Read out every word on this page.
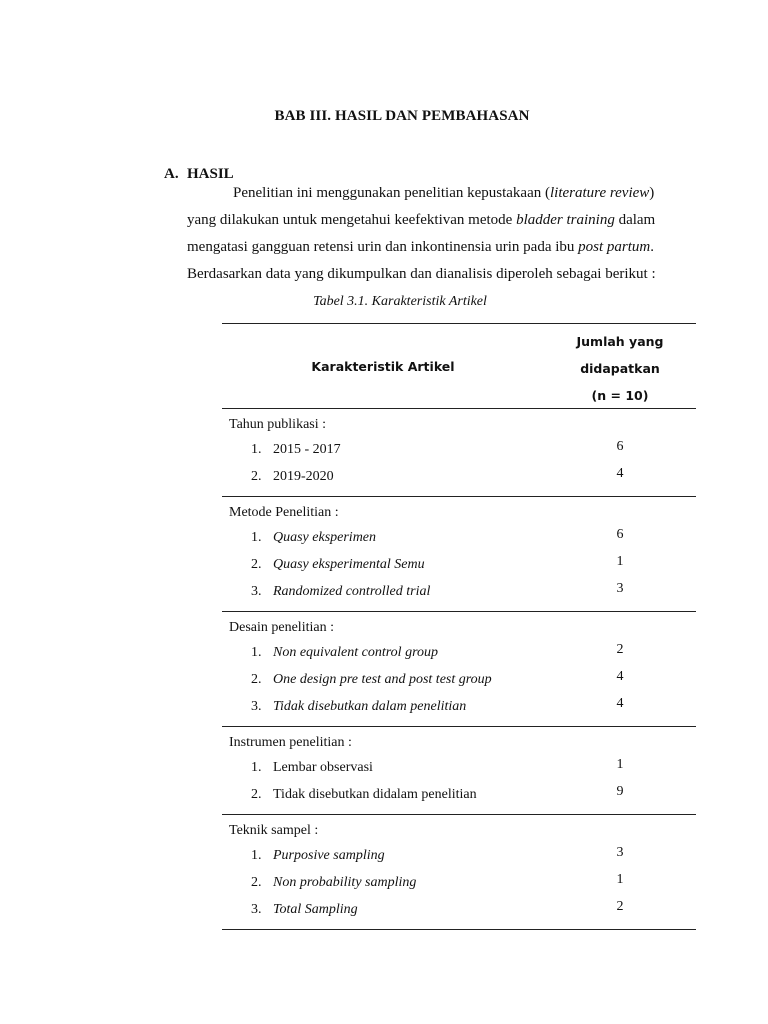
BAB III. HASIL DAN PEMBAHASAN
A. HASIL

Penelitian ini menggunakan penelitian kepustakaan (literature review)

yang dilakukan untuk mengetahui keefektivan metode bladder training dalam

mengatasi gangguan retensi urin dan inkontinensia urin pada ibu post partum.

Berdasarkan data yang dikumpulkan dan dianalisis diperoleh sebagai berikut :

Tabel 3.1. Karakteristik Artikel
Karakteristik Artikel
Jumlah yang
didapatkan
(n = 10)
Tahun publikasi :
1. 2015 - 2017	6
2. 2019-2020	4
Metode Penelitian :
1. Quasy eksperimen	6
2. Quasy eksperimental Semu	1
3. Randomized controlled trial	3
Desain penelitian :
1. Non equivalent control group	2
2. One design pre test and post test group	4
3. Tidak disebutkan dalam penelitian	4
Instrumen penelitian :
1. Lembar observasi	1
2. Tidak disebutkan didalam penelitian	9
Teknik sampel :
1. Purposive sampling	3
2. Non probability sampling	1
3. Total Sampling	2
